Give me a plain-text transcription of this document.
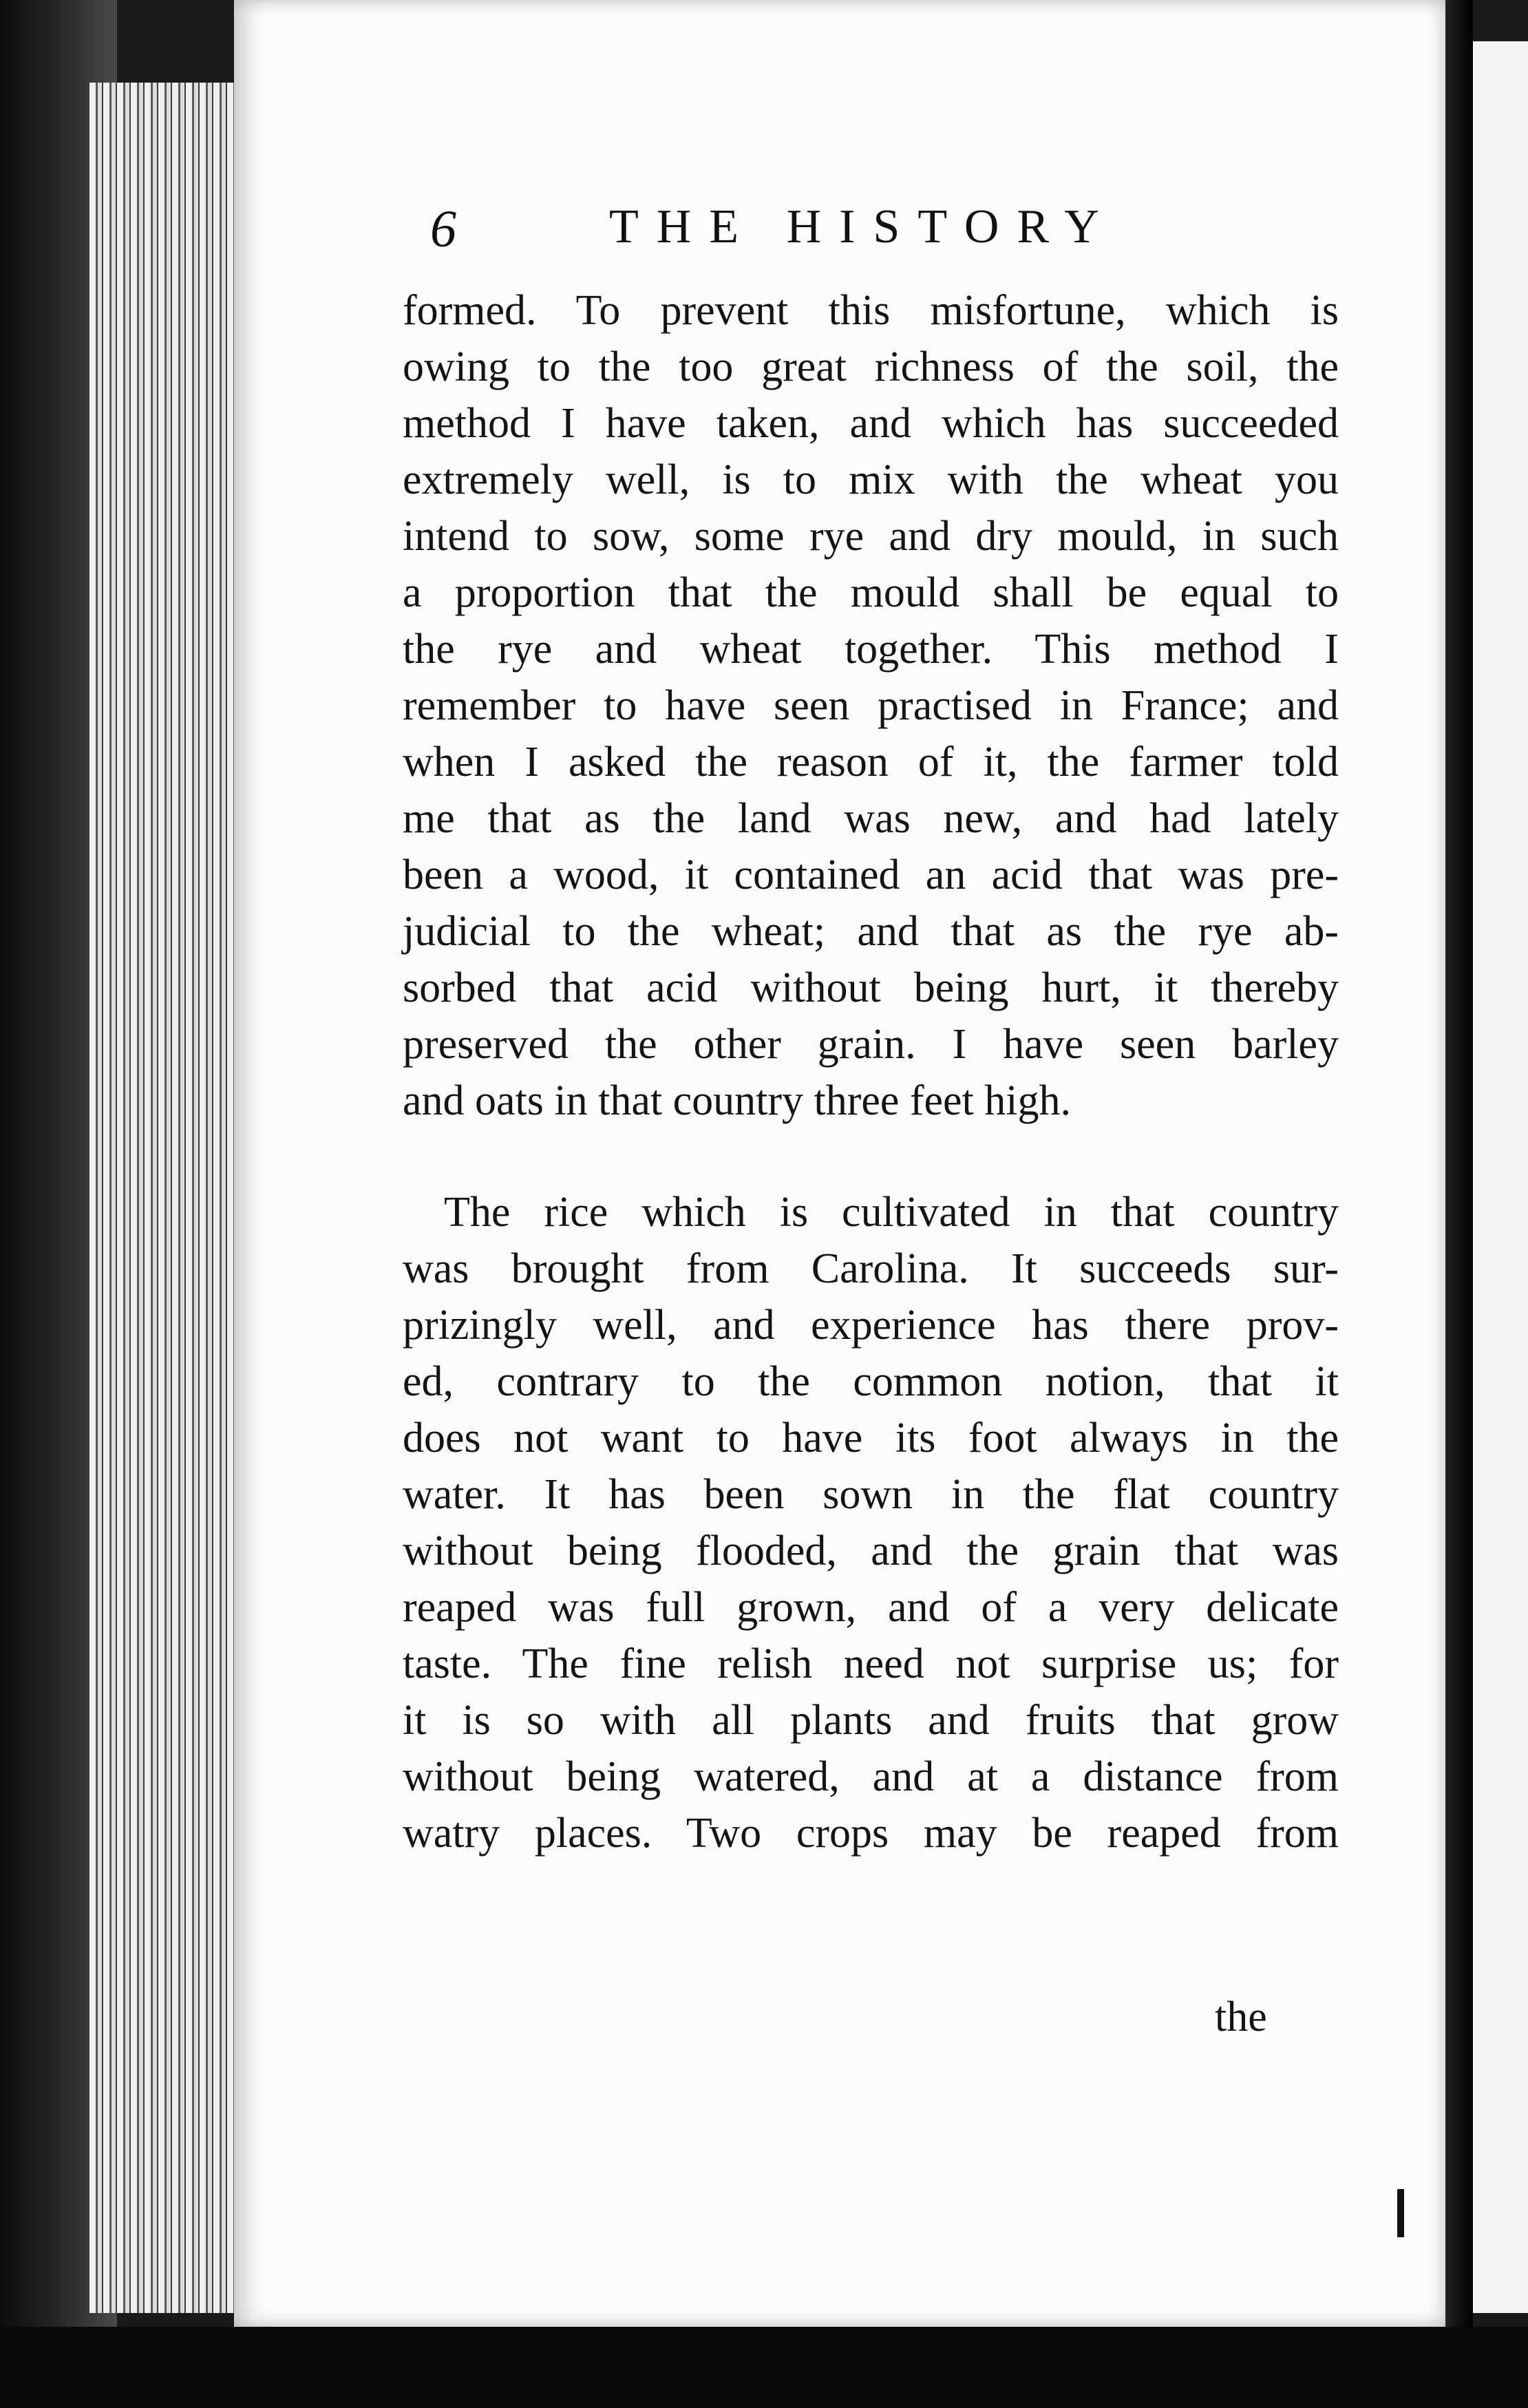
6	THE HISTORY
formed. To prevent this misfortune, which is
owing to the too great richness of the soil, the
method I have taken, and which has succeeded
extremely well, is to mix with the wheat you
intend to sow, some rye and dry mould, in such
a proportion that the mould shall be equal to
the rye and wheat together. This method I
remember to have seen practised in France; and
when I asked the reason of it, the farmer told
me that as the land was new, and had lately
been a wood, it contained an acid that was pre-
judicial to the wheat; and that as the rye ab-
sorbed that acid without being hurt, it thereby
preserved the other grain. I have seen barley
and oats in that country three feet high.
The rice which is cultivated in that country
was brought from Carolina. It succeeds sur-
prizingly well, and experience has there prov-
ed, contrary to the common notion, that it
does not want to have its foot always in the
water. It has been sown in the flat country
without being flooded, and the grain that was
reaped was full grown, and of a very delicate
taste. The fine relish need not surprise us; for
it is so with all plants and fruits that grow
without being watered, and at a distance from
watry places. Two crops may be reaped from
the
